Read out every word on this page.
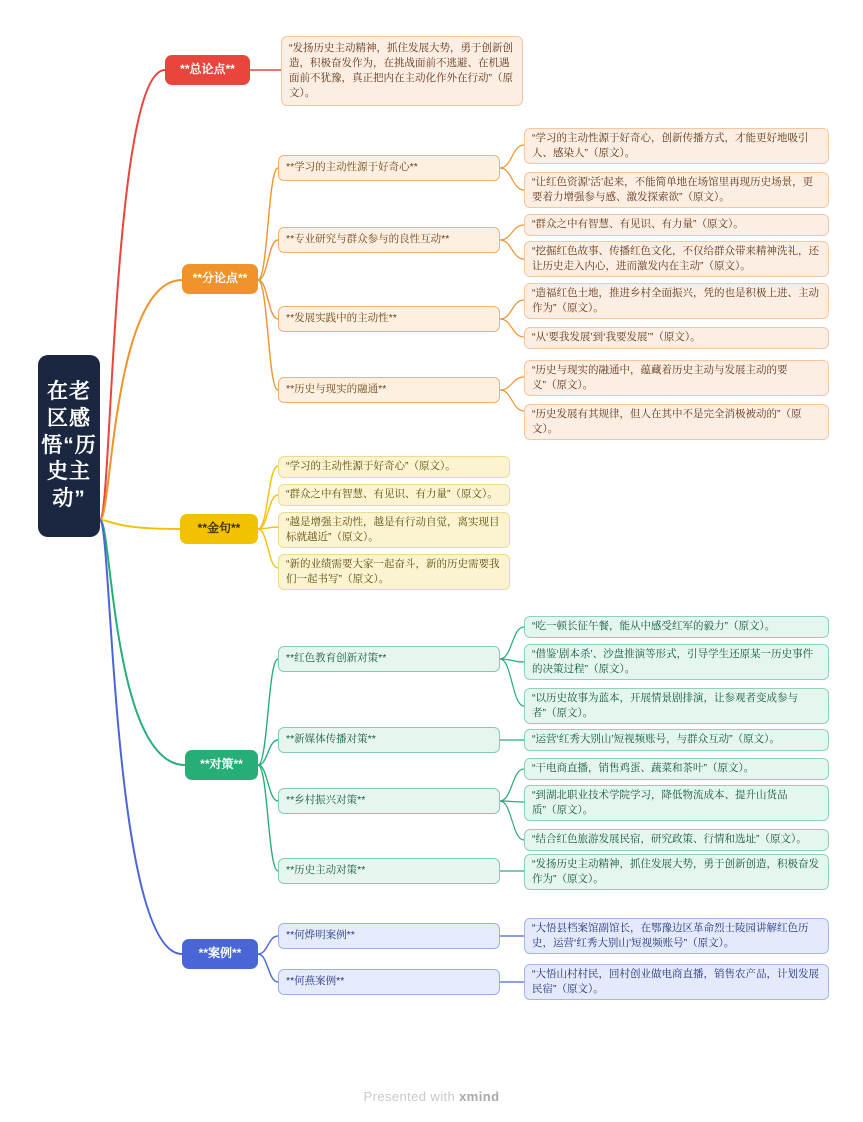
在老区感悟“历史主动”
**总论点**
“发扬历史主动精神，抓住发展大势，勇于创新创造，积极奋发作为，在挑战面前不逃避、在机遇面前不犹豫，真正把内在主动化作外在行动”（原文）。
**分论点**
**学习的主动性源于好奇心**
“学习的主动性源于好奇心，创新传播方式，才能更好地吸引人、感染人”（原文）。
“让红色资源‘活’起来，不能简单地在场馆里再现历史场景，更要着力增强参与感、激发探索欲”（原文）。
**专业研究与群众参与的良性互动**
“群众之中有智慧、有见识、有力量”（原文）。
“挖掘红色故事、传播红色文化，不仅给群众带来精神洗礼，还让历史走入内心，进而激发内在主动”（原文）。
**发展实践中的主动性**
“造福红色土地，推进乡村全面振兴，凭的也是积极上进、主动作为”（原文）。
“从‘要我发展’到‘我要发展’”（原文）。
**历史与现实的融通**
“历史与现实的融通中，蕴藏着历史主动与发展主动的要义”（原文）。
“历史发展有其规律，但人在其中不是完全消极被动的”（原文）。
**金句**
“学习的主动性源于好奇心”（原文）。
“群众之中有智慧、有见识、有力量”（原文）。
“越是增强主动性，越是有行动自觉，离实现目标就越近”（原文）。
“新的业绩需要大家一起奋斗，新的历史需要我们一起书写”（原文）。
**对策**
**红色教育创新对策**
“吃一顿长征午餐，能从中感受红军的毅力”（原文）。
“借鉴‘剧本杀’、沙盘推演等形式，引导学生还原某一历史事件的决策过程”（原文）。
“以历史故事为蓝本，开展情景剧排演，让参观者变成参与者”（原文）。
**新媒体传播对策**	“运营‘红秀大别山’短视频账号，与群众互动”（原文）。
**乡村振兴对策**
“干电商直播，销售鸡蛋、蔬菜和茶叶”（原文）。
“到湖北职业技术学院学习，降低物流成本、提升山货品质”（原文）。
“结合红色旅游发展民宿，研究政策、行情和选址”（原文）。
**历史主动对策**
“发扬历史主动精神，抓住发展大势，勇于创新创造，积极奋发作为”（原文）。
**案例**
**何烨明案例**
“大悟县档案馆副馆长，在鄂豫边区革命烈士陵园讲解红色历史，运营‘红秀大别山’短视频账号”（原文）。
**何燕案例**
“大悟山村村民，回村创业做电商直播，销售农产品，计划发展民宿”（原文）。
Presented with xmind
